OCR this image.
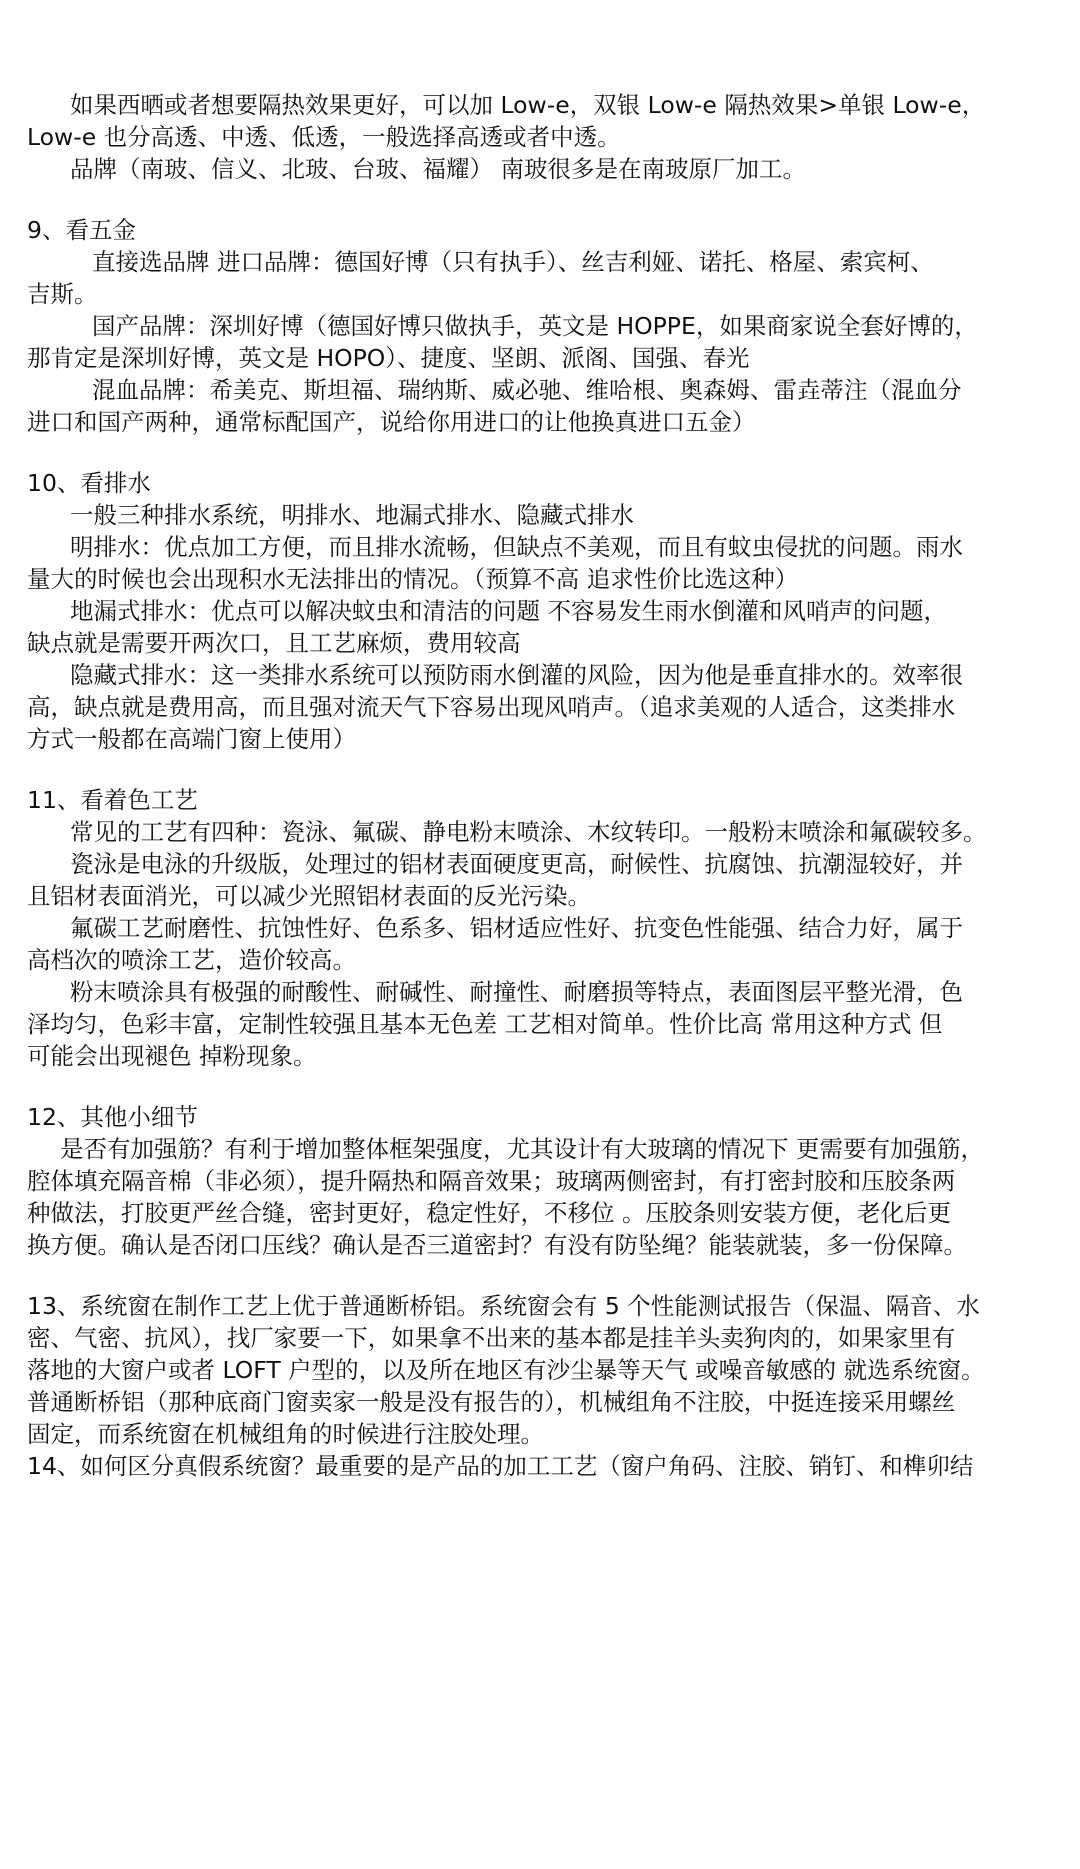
如果西晒或者想要隔热效果更好，可以加 Low-e，双银 Low-e 隔热效果>单银 Low-e，
Low-e 也分高透、中透、低透，一般选择高透或者中透。
品牌（南玻、信义、北玻、台玻、福耀） 南玻很多是在南玻原厂加工。
9、看五金
直接选品牌 进口品牌：德国好博（只有执手）、丝吉利娅、诺托、格屋、索宾柯、
吉斯。
国产品牌：深圳好博（德国好博只做执手，英文是 HOPPE，如果商家说全套好博的，
那肯定是深圳好博，英文是 HOPO）、捷度、坚朗、派阁、国强、春光
混血品牌：希美克、斯坦福、瑞纳斯、威必驰、维哈根、奥森姆、雷垚蒂注（混血分
进口和国产两种，通常标配国产，说给你用进口的让他换真进口五金）
10、看排水
一般三种排水系统，明排水、地漏式排水、隐藏式排水
明排水：优点加工方便，而且排水流畅，但缺点不美观，而且有蚊虫侵扰的问题。雨水
量大的时候也会出现积水无法排出的情况。（预算不高 追求性价比选这种）
地漏式排水：优点可以解决蚊虫和清洁的问题 不容易发生雨水倒灌和风哨声的问题，
缺点就是需要开两次口，且工艺麻烦，费用较高
隐藏式排水：这一类排水系统可以预防雨水倒灌的风险，因为他是垂直排水的。效率很
高，缺点就是费用高，而且强对流天气下容易出现风哨声。（追求美观的人适合，这类排水
方式一般都在高端门窗上使用）
11、看着色工艺
常见的工艺有四种：瓷泳、氟碳、静电粉末喷涂、木纹转印。一般粉末喷涂和氟碳较多。
瓷泳是电泳的升级版，处理过的铝材表面硬度更高，耐候性、抗腐蚀、抗潮湿较好，并
且铝材表面消光，可以减少光照铝材表面的反光污染。
氟碳工艺耐磨性、抗蚀性好、色系多、铝材适应性好、抗变色性能强、结合力好，属于
高档次的喷涂工艺，造价较高。
粉末喷涂具有极强的耐酸性、耐碱性、耐撞性、耐磨损等特点，表面图层平整光滑，色
泽均匀，色彩丰富，定制性较强且基本无色差 工艺相对简单。性价比高 常用这种方式 但
可能会出现褪色 掉粉现象。
12、其他小细节
是否有加强筋？有利于增加整体框架强度，尤其设计有大玻璃的情况下 更需要有加强筋，
腔体填充隔音棉（非必须），提升隔热和隔音效果；玻璃两侧密封，有打密封胶和压胶条两
种做法，打胶更严丝合缝，密封更好，稳定性好，不移位 。压胶条则安装方便，老化后更
换方便。确认是否闭口压线？确认是否三道密封？有没有防坠绳？能装就装，多一份保障。
13、系统窗在制作工艺上优于普通断桥铝。系统窗会有 5 个性能测试报告（保温、隔音、水
密、气密、抗风），找厂家要一下，如果拿不出来的基本都是挂羊头卖狗肉的，如果家里有
落地的大窗户或者 LOFT 户型的，以及所在地区有沙尘暴等天气 或噪音敏感的 就选系统窗。
普通断桥铝（那种底商门窗卖家一般是没有报告的），机械组角不注胶，中挺连接采用螺丝
固定，而系统窗在机械组角的时候进行注胶处理。
14、如何区分真假系统窗？最重要的是产品的加工工艺（窗户角码、注胶、销钉、和榫卯结
